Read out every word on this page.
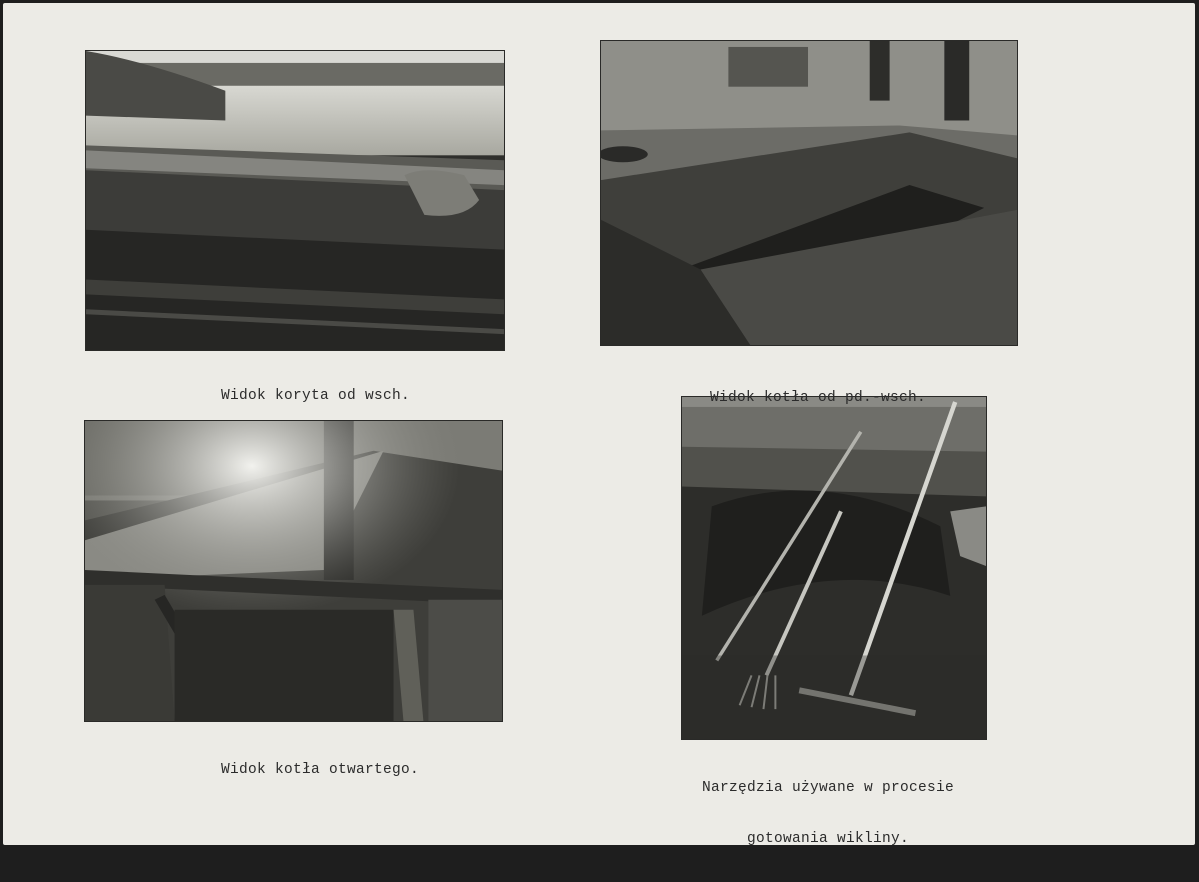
Widok koryta od wsch.
	Widok kotła od pd.-wsch.

Widok kotła otwartego.

Narzędzia używane w procesie

gotowania wikliny.
